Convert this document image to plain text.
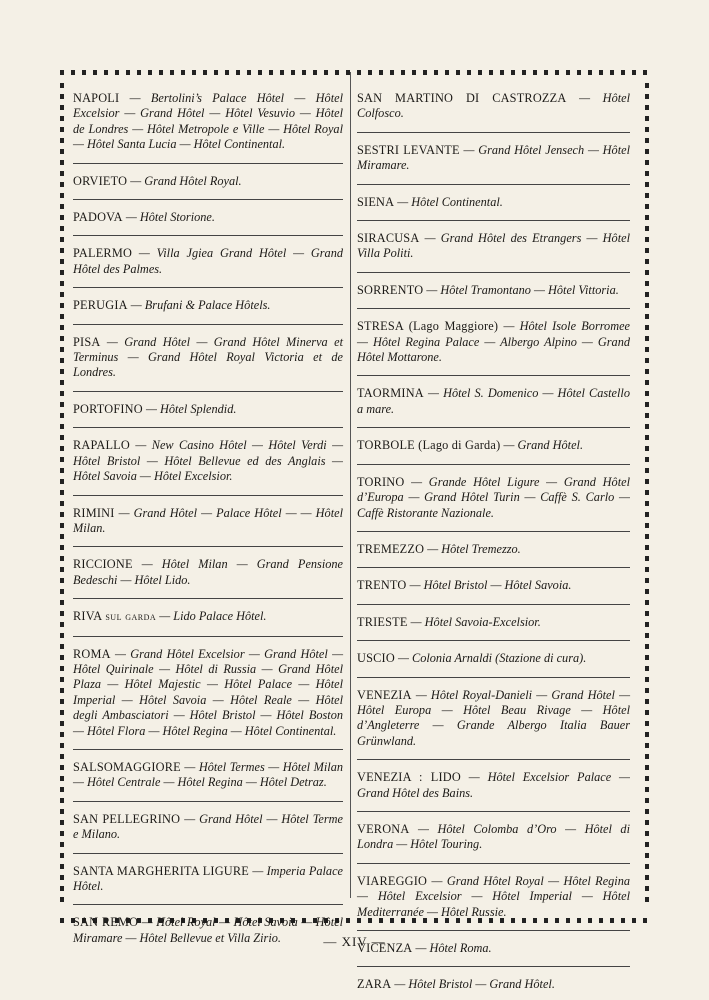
NAPOLI — Bertolini’s Palace Hôtel — Hôtel Excelsior — Grand Hôtel — Hôtel Vesuvio — Hôtel de Londres — Hôtel Metropole e Ville — Hôtel Royal — Hôtel Santa Lucia — Hôtel Continental.
ORVIETO — Grand Hôtel Royal.
PADOVA — Hôtel Storione.
PALERMO — Villa Jgiea Grand Hôtel — Grand Hôtel des Palmes.
PERUGIA — Brufani & Palace Hôtels.
PISA — Grand Hôtel — Grand Hôtel Minerva et Terminus — Grand Hôtel Royal Victoria et de Londres.
PORTOFINO — Hôtel Splendid.
RAPALLO — New Casino Hôtel — Hôtel Verdi — Hôtel Bristol — Hôtel Bellevue ed des Anglais — Hôtel Savoia — Hôtel Excelsior.
RIMINI — Grand Hôtel — Palace Hôtel — — Hôtel Milan.
RICCIONE — Hôtel Milan — Grand Pensione Bedeschi — Hôtel Lido.
RIVA sul garda — Lido Palace Hôtel.
ROMA — Grand Hôtel Excelsior — Grand Hôtel — Hôtel Quirinale — Hôtel di Russia — Grand Hôtel Plaza — Hôtel Majestic — Hôtel Palace — Hôtel Imperial — Hôtel Savoia — Hôtel Reale — Hôtel degli Ambasciatori — Hôtel Bristol — Hôtel Boston — Hôtel Flora — Hôtel Regina — Hôtel Continental.
SALSOMAGGIORE — Hôtel Termes — Hôtel Milan — Hôtel Centrale — Hôtel Regina — Hôtel Detraz.
SAN PELLEGRINO — Grand Hôtel — Hôtel Terme e Milano.
SANTA MARGHERITA LIGURE — Imperia Palace Hôtel.
SAN REMO — Hôtel Royal — Hôtel Savoia — Hôtel Miramare — Hôtel Bellevue et Villa Zirio.
SAN MARTINO DI CASTROZZA — Hôtel Colfosco.
SESTRI LEVANTE — Grand Hôtel Jensech — Hôtel Miramare.
SIENA — Hôtel Continental.
SIRACUSA — Grand Hôtel des Etrangers — Hôtel Villa Politi.
SORRENTO — Hôtel Tramontano — Hôtel Vittoria.
STRESA (Lago Maggiore) — Hôtel Isole Borromee — Hôtel Regina Palace — Albergo Alpino — Grand Hôtel Mottarone.
TAORMINA — Hôtel S. Domenico — Hôtel Castello a mare.
TORBOLE (Lago di Garda) — Grand Hôtel.
TORINO — Grande Hôtel Ligure — Grand Hôtel d’Europa — Grand Hôtel Turin — Caffè S. Carlo — Caffè Ristorante Nazionale.
TREMEZZO — Hôtel Tremezzo.
TRENTO — Hôtel Bristol — Hôtel Savoia.
TRIESTE — Hôtel Savoia-Excelsior.
USCIO — Colonia Arnaldi (Stazione di cura).
VENEZIA — Hôtel Royal-Danieli — Grand Hôtel — Hôtel Europa — Hôtel Beau Rivage — Hôtel d’Angleterre — Grande Albergo Italia Bauer Grünwland.
VENEZIA : LIDO — Hôtel Excelsior Palace — Grand Hôtel des Bains.
VERONA — Hôtel Colomba d’Oro — Hôtel di Londra — Hôtel Touring.
VIAREGGIO — Grand Hôtel Royal — Hôtel Regina — Hôtel Excelsior — Hôtel Imperial — Hôtel Mediterranée — Hôtel Russie.
VICENZA — Hôtel Roma.
ZARA — Hôtel Bristol — Grand Hôtel.
— XIV —
